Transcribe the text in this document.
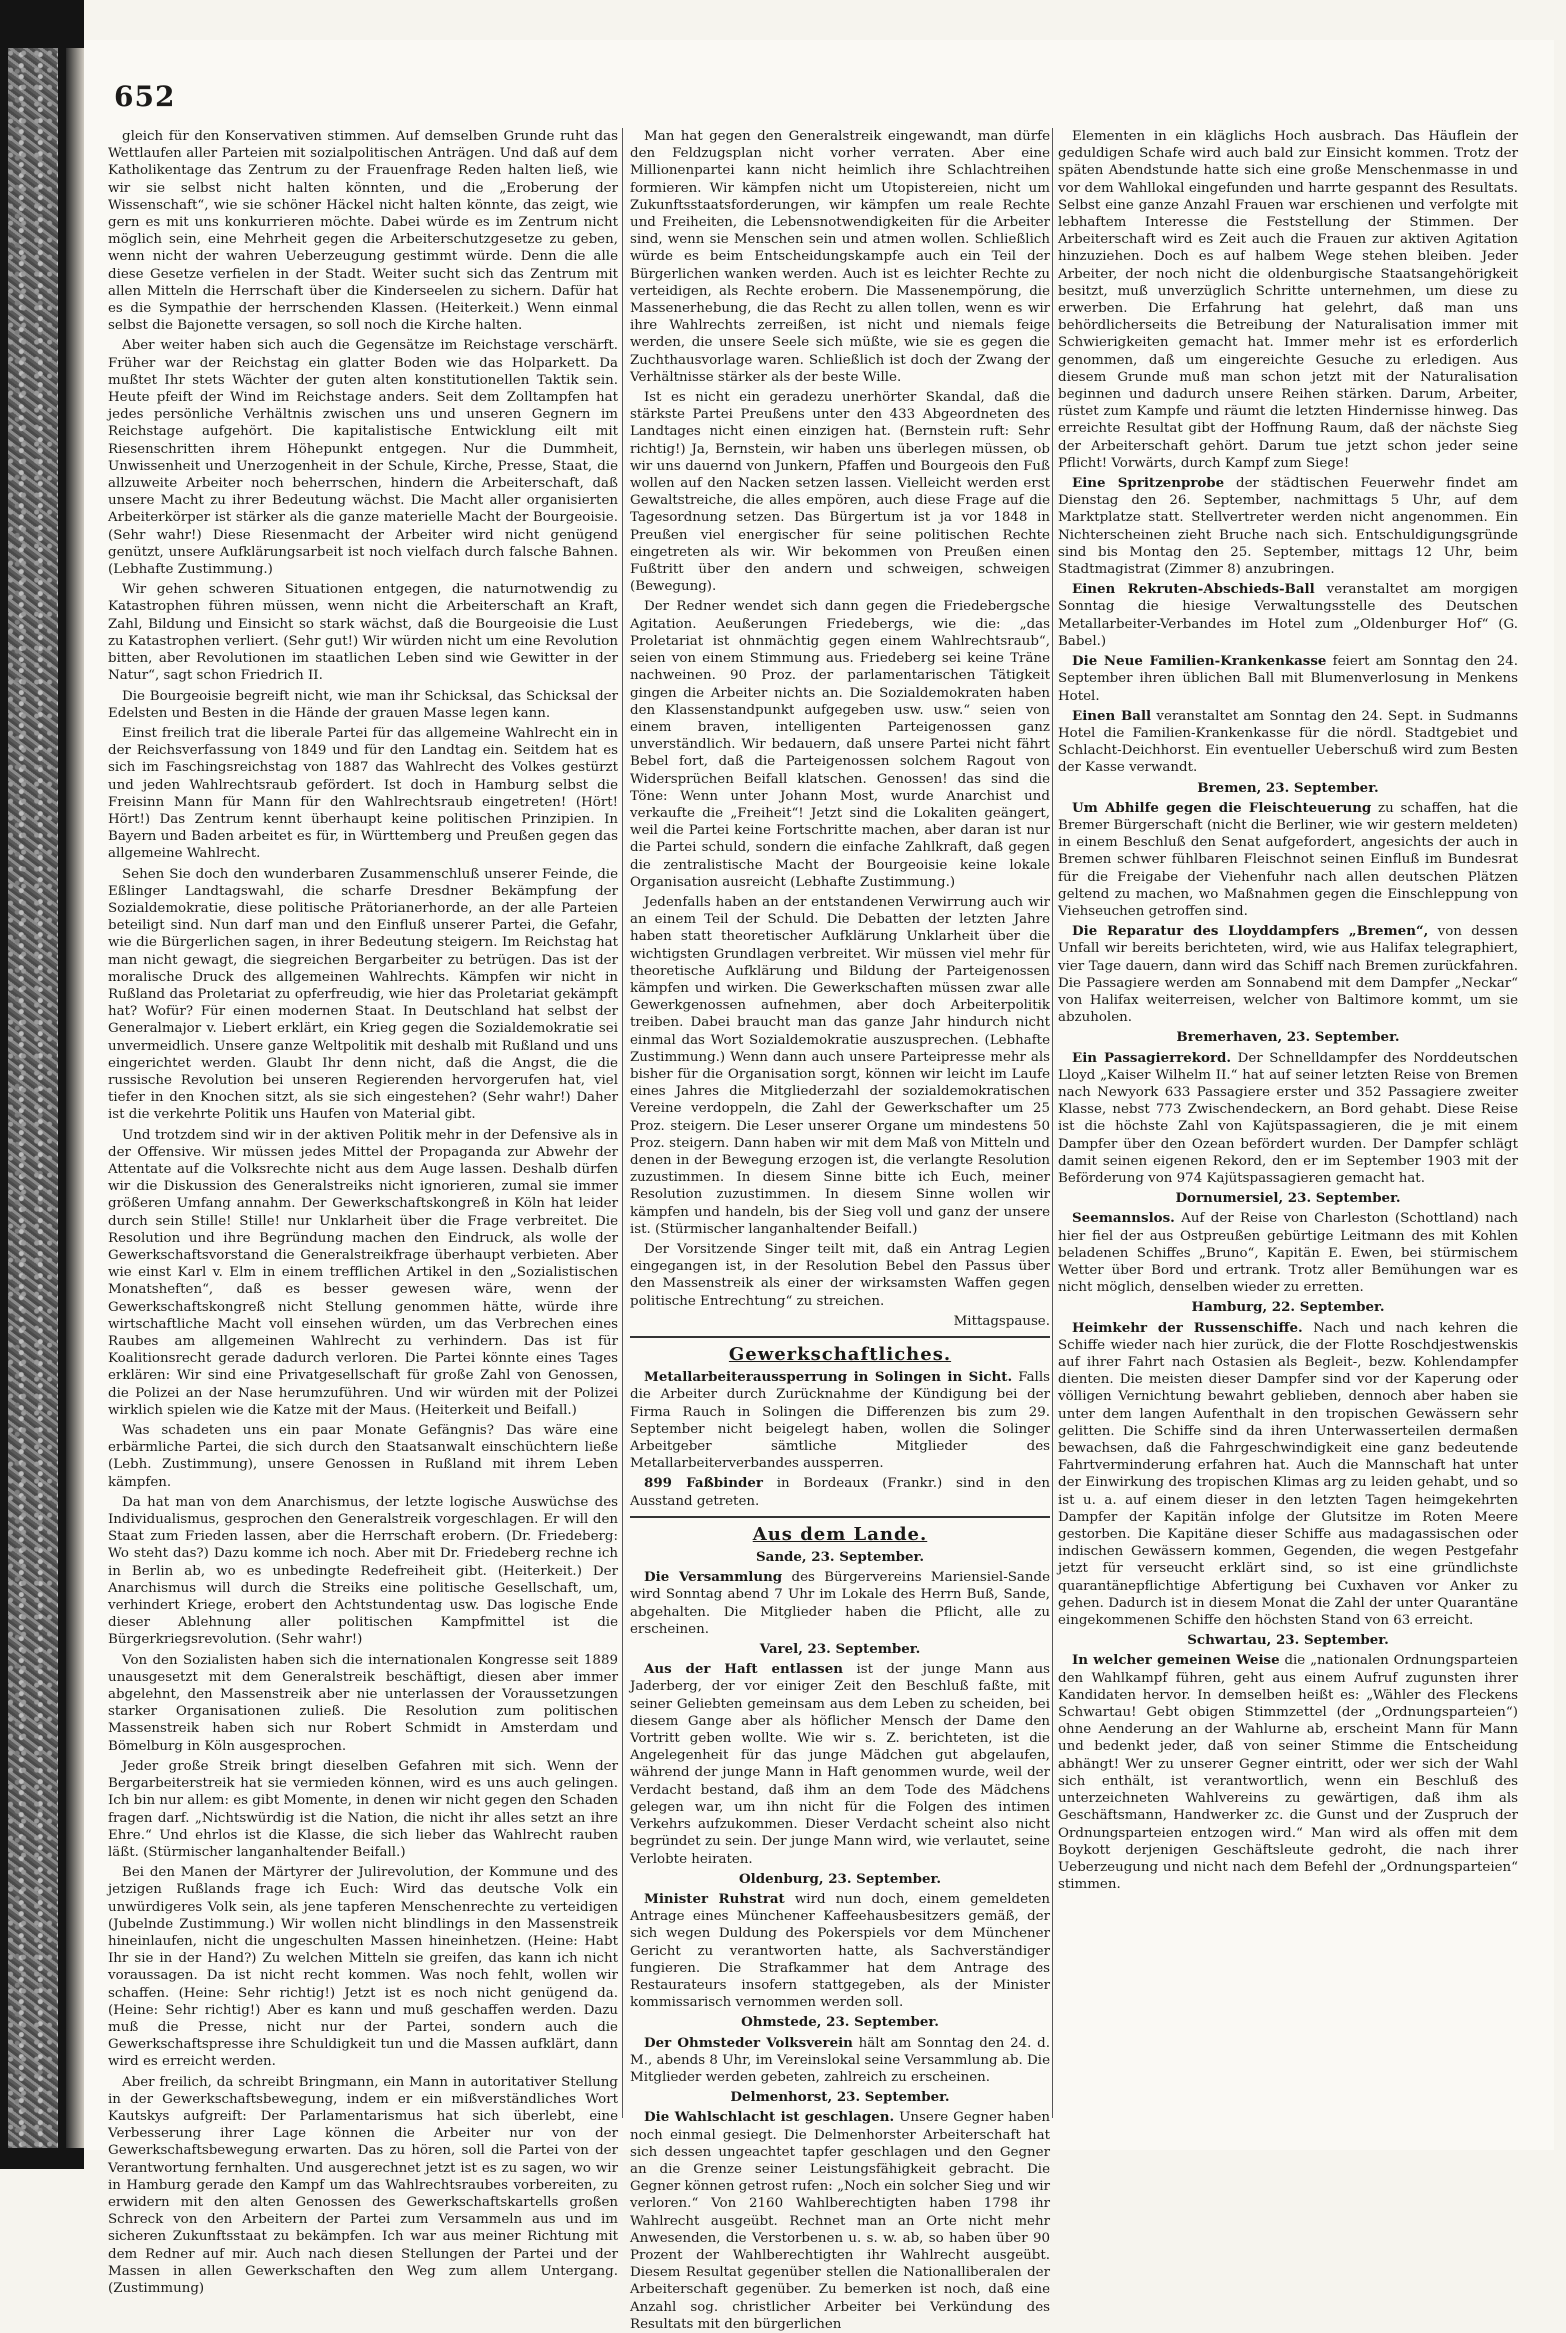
652

gleich für den Konservativen stimmen. Auf demselben Grunde ruht das Wettlaufen aller Parteien mit sozialpolitischen Anträgen. Und daß auf dem Katholikentage das Zentrum zu der Frauenfrage Reden halten ließ, wie wir sie selbst nicht halten könnten, und die „Eroberung der Wissenschaft“, wie sie schöner Häckel nicht halten könnte, das zeigt, wie gern es mit uns konkurrieren möchte. Dabei würde es im Zentrum nicht möglich sein, eine Mehrheit gegen die Arbeiterschutzgesetze zu geben, wenn nicht der wahren Ueberzeugung gestimmt würde. Denn die alle diese Gesetze verfielen in der Stadt. Weiter sucht sich das Zentrum mit allen Mitteln die Herrschaft über die Kinderseelen zu sichern. Dafür hat es die Sympathie der herrschenden Klassen. (Heiterkeit.) Wenn einmal selbst die Bajonette versagen, so soll noch die Kirche halten.

Aber weiter haben sich auch die Gegensätze im Reichstage verschärft. Früher war der Reichstag ein glatter Boden wie das Holparkett. Da mußtet Ihr stets Wächter der guten alten konstitutionellen Taktik sein. Heute pfeift der Wind im Reichstage anders. Seit dem Zolltampfen hat jedes persönliche Verhältnis zwischen uns und unseren Gegnern im Reichstage aufgehört. Die kapitalistische Entwicklung eilt mit Riesenschritten ihrem Höhepunkt entgegen. Nur die Dummheit, Unwissenheit und Unerzogenheit in der Schule, Kirche, Presse, Staat, die allzuweite Arbeiter noch beherrschen, hindern die Arbeiterschaft, daß unsere Macht zu ihrer Bedeutung wächst. Die Macht aller organisierten Arbeiterkörper ist stärker als die ganze materielle Macht der Bourgeoisie. (Sehr wahr!) Diese Riesenmacht der Arbeiter wird nicht genügend genützt, unsere Aufklärungsarbeit ist noch vielfach durch falsche Bahnen. (Lebhafte Zustimmung.)

Wir gehen schweren Situationen entgegen, die naturnotwendig zu Katastrophen führen müssen, wenn nicht die Arbeiterschaft an Kraft, Zahl, Bildung und Einsicht so stark wächst, daß die Bourgeoisie die Lust zu Katastrophen verliert. (Sehr gut!) Wir würden nicht um eine Revolution bitten, aber Revolutionen im staatlichen Leben sind wie Gewitter in der Natur“, sagt schon Friedrich II.

Die Bourgeoisie begreift nicht, wie man ihr Schicksal, das Schicksal der Edelsten und Besten in die Hände der grauen Masse legen kann.

Einst freilich trat die liberale Partei für das allgemeine Wahlrecht ein in der Reichsverfassung von 1849 und für den Landtag ein. Seitdem hat es sich im Faschingsreichstag von 1887 das Wahlrecht des Volkes gestürzt und jeden Wahlrechtsraub gefördert. Ist doch in Hamburg selbst die Freisinn Mann für Mann für den Wahlrechtsraub eingetreten! (Hört! Hört!) Das Zentrum kennt überhaupt keine politischen Prinzipien. In Bayern und Baden arbeitet es für, in Württemberg und Preußen gegen das allgemeine Wahlrecht.

Sehen Sie doch den wunderbaren Zusammenschluß unserer Feinde, die Eßlinger Landtagswahl, die scharfe Dresdner Bekämpfung der Sozialdemokratie, diese politische Prätorianerhorde, an der alle Parteien beteiligt sind. Nun darf man und den Einfluß unserer Partei, die Gefahr, wie die Bürgerlichen sagen, in ihrer Bedeutung steigern. Im Reichstag hat man nicht gewagt, die siegreichen Bergarbeiter zu betrügen. Das ist der moralische Druck des allgemeinen Wahlrechts. Kämpfen wir nicht in Rußland das Proletariat zu opferfreudig, wie hier das Proletariat gekämpft hat? Wofür? Für einen modernen Staat. In Deutschland hat selbst der Generalmajor v. Liebert erklärt, ein Krieg gegen die Sozialdemokratie sei unvermeidlich. Unsere ganze Weltpolitik mit deshalb mit Rußland und uns eingerichtet werden. Glaubt Ihr denn nicht, daß die Angst, die die russische Revolution bei unseren Regierenden hervorgerufen hat, viel tiefer in den Knochen sitzt, als sie sich eingestehen? (Sehr wahr!) Daher ist die verkehrte Politik uns Haufen von Material gibt.

Und trotzdem sind wir in der aktiven Politik mehr in der Defensive als in der Offensive. Wir müssen jedes Mittel der Propaganda zur Abwehr der Attentate auf die Volksrechte nicht aus dem Auge lassen. Deshalb dürfen wir die Diskussion des Generalstreiks nicht ignorieren, zumal sie immer größeren Umfang annahm. Der Gewerkschaftskongreß in Köln hat leider durch sein Stille! Stille! nur Unklarheit über die Frage verbreitet. Die Resolution und ihre Begründung machen den Eindruck, als wolle der Gewerkschaftsvorstand die Generalstreikfrage überhaupt verbieten. Aber wie einst Karl v. Elm in einem trefflichen Artikel in den „Sozialistischen Monatsheften“, daß es besser gewesen wäre, wenn der Gewerkschaftskongreß nicht Stellung genommen hätte, würde ihre wirtschaftliche Macht voll einsehen würden, um das Verbrechen eines Raubes am allgemeinen Wahlrecht zu verhindern. Das ist für Koalitionsrecht gerade dadurch verloren. Die Partei könnte eines Tages erklären: Wir sind eine Privatgesellschaft für große Zahl von Genossen, die Polizei an der Nase herumzuführen. Und wir würden mit der Polizei wirklich spielen wie die Katze mit der Maus. (Heiterkeit und Beifall.)

Was schadeten uns ein paar Monate Gefängnis? Das wäre eine erbärmliche Partei, die sich durch den Staatsanwalt einschüchtern ließe (Lebh. Zustimmung), unsere Genossen in Rußland mit ihrem Leben kämpfen.

Da hat man von dem Anarchismus, der letzte logische Auswüchse des Individualismus, gesprochen den Generalstreik vorgeschlagen. Er will den Staat zum Frieden lassen, aber die Herrschaft erobern. (Dr. Friedeberg: Wo steht das?) Dazu komme ich noch. Aber mit Dr. Friedeberg rechne ich in Berlin ab, wo es unbedingte Redefreiheit gibt. (Heiterkeit.) Der Anarchismus will durch die Streiks eine politische Gesellschaft, um, verhindert Kriege, erobert den Achtstundentag usw. Das logische Ende dieser Ablehnung aller politischen Kampfmittel ist die Bürgerkriegsrevolution. (Sehr wahr!)

Von den Sozialisten haben sich die internationalen Kongresse seit 1889 unausgesetzt mit dem Generalstreik beschäftigt, diesen aber immer abgelehnt, den Massenstreik aber nie unterlassen der Voraussetzungen starker Organisationen zuließ. Die Resolution zum politischen Massenstreik haben sich nur Robert Schmidt in Amsterdam und Bömelburg in Köln ausgesprochen.

Jeder große Streik bringt dieselben Gefahren mit sich. Wenn der Bergarbeiterstreik hat sie vermieden können, wird es uns auch gelingen. Ich bin nur allem: es gibt Momente, in denen wir nicht gegen den Schaden fragen darf. „Nichtswürdig ist die Nation, die nicht ihr alles setzt an ihre Ehre.“ Und ehrlos ist die Klasse, die sich lieber das Wahlrecht rauben läßt. (Stürmischer langanhaltender Beifall.)

Bei den Manen der Märtyrer der Julirevolution, der Kommune und des jetzigen Rußlands frage ich Euch: Wird das deutsche Volk ein unwürdigeres Volk sein, als jene tapferen Menschenrechte zu verteidigen (Jubelnde Zustimmung.) Wir wollen nicht blindlings in den Massenstreik hineinlaufen, nicht die ungeschulten Massen hineinhetzen. (Heine: Habt Ihr sie in der Hand?) Zu welchen Mitteln sie greifen, das kann ich nicht voraussagen. Da ist nicht recht kommen. Was noch fehlt, wollen wir schaffen. (Heine: Sehr richtig!) Jetzt ist es noch nicht genügend da. (Heine: Sehr richtig!) Aber es kann und muß geschaffen werden. Dazu muß die Presse, nicht nur der Partei, sondern auch die Gewerkschaftspresse ihre Schuldigkeit tun und die Massen aufklärt, dann wird es erreicht werden.

Aber freilich, da schreibt Bringmann, ein Mann in autoritativer Stellung in der Gewerkschaftsbewegung, indem er ein mißverständliches Wort Kautskys aufgreift: Der Parlamentarismus hat sich überlebt, eine Verbesserung ihrer Lage können die Arbeiter nur von der Gewerkschaftsbewegung erwarten. Das zu hören, soll die Partei von der Verantwortung fernhalten. Und ausgerechnet jetzt ist es zu sagen, wo wir in Hamburg gerade den Kampf um das Wahlrechtsraubes vorbereiten, zu erwidern mit den alten Genossen des Gewerkschaftskartells großen Schreck von den Arbeitern der Partei zum Versammeln aus und im sicheren Zukunftsstaat zu bekämpfen. Ich war aus meiner Richtung mit dem Redner auf mir. Auch nach diesen Stellungen der Partei und der Massen in allen Gewerkschaften den Weg zum allem Untergang. (Zustimmung)

Man hat gegen den Generalstreik eingewandt, man dürfe den Feldzugsplan nicht vorher verraten. Aber eine Millionenpartei kann nicht heimlich ihre Schlachtreihen formieren. Wir kämpfen nicht um Utopistereien, nicht um Zukunftsstaatsforderungen, wir kämpfen um reale Rechte und Freiheiten, die Lebensnotwendigkeiten für die Arbeiter sind, wenn sie Menschen sein und atmen wollen. Schließlich würde es beim Entscheidungskampfe auch ein Teil der Bürgerlichen wanken werden. Auch ist es leichter Rechte zu verteidigen, als Rechte erobern. Die Massenempörung, die Massenerhebung, die das Recht zu allen tollen, wenn es wir ihre Wahlrechts zerreißen, ist nicht und niemals feige werden, die unsere Seele sich müßte, wie sie es gegen die Zuchthausvorlage waren. Schließlich ist doch der Zwang der Verhältnisse stärker als der beste Wille.

Ist es nicht ein geradezu unerhörter Skandal, daß die stärkste Partei Preußens unter den 433 Abgeordneten des Landtages nicht einen einzigen hat. (Bernstein ruft: Sehr richtig!) Ja, Bernstein, wir haben uns überlegen müssen, ob wir uns dauernd von Junkern, Pfaffen und Bourgeois den Fuß wollen auf den Nacken setzen lassen. Vielleicht werden erst Gewaltstreiche, die alles empören, auch diese Frage auf die Tagesordnung setzen. Das Bürgertum ist ja vor 1848 in Preußen viel energischer für seine politischen Rechte eingetreten als wir. Wir bekommen von Preußen einen Fußtritt über den andern und schweigen, schweigen (Bewegung).

Der Redner wendet sich dann gegen die Friedebergsche Agitation. Aeußerungen Friedebergs, wie die: „das Proletariat ist ohnmächtig gegen einem Wahlrechtsraub“, seien von einem Stimmung aus. Friedeberg sei keine Träne nachweinen. 90 Proz. der parlamentarischen Tätigkeit gingen die Arbeiter nichts an. Die Sozialdemokraten haben den Klassenstandpunkt aufgegeben usw. usw.“ seien von einem braven, intelligenten Parteigenossen ganz unverständlich. Wir bedauern, daß unsere Partei nicht fährt Bebel fort, daß die Parteigenossen solchem Ragout von Widersprüchen Beifall klatschen. Genossen! das sind die Töne: Wenn unter Johann Most, wurde Anarchist und verkaufte die „Freiheit“! Jetzt sind die Lokaliten geängert, weil die Partei keine Fortschritte machen, aber daran ist nur die Partei schuld, sondern die einfache Zahlkraft, daß gegen die zentralistische Macht der Bourgeoisie keine lokale Organisation ausreicht (Lebhafte Zustimmung.)

Jedenfalls haben an der entstandenen Verwirrung auch wir an einem Teil der Schuld. Die Debatten der letzten Jahre haben statt theoretischer Aufklärung Unklarheit über die wichtigsten Grundlagen verbreitet. Wir müssen viel mehr für theoretische Aufklärung und Bildung der Parteigenossen kämpfen und wirken. Die Gewerkschaften müssen zwar alle Gewerkgenossen aufnehmen, aber doch Arbeiterpolitik treiben. Dabei braucht man das ganze Jahr hindurch nicht einmal das Wort Sozialdemokratie auszusprechen. (Lebhafte Zustimmung.) Wenn dann auch unsere Parteipresse mehr als bisher für die Organisation sorgt, können wir leicht im Laufe eines Jahres die Mitgliederzahl der sozialdemokratischen Vereine verdoppeln, die Zahl der Gewerkschafter um 25 Proz. steigern. Die Leser unserer Organe um mindestens 50 Proz. steigern. Dann haben wir mit dem Maß von Mitteln und denen in der Bewegung erzogen ist, die verlangte Resolution zuzustimmen. In diesem Sinne bitte ich Euch, meiner Resolution zuzustimmen. In diesem Sinne wollen wir kämpfen und handeln, bis der Sieg voll und ganz der unsere ist. (Stürmischer langanhaltender Beifall.)

Der Vorsitzende Singer teilt mit, daß ein Antrag Legien eingegangen ist, in der Resolution Bebel den Passus über den Massenstreik als einer der wirksamsten Waffen gegen politische Entrechtung“ zu streichen.

Mittagspause.

Gewerkschaftliches.

Metallarbeiteraussperrung in Solingen in Sicht. Falls die Arbeiter durch Zurücknahme der Kündigung bei der Firma Rauch in Solingen die Differenzen bis zum 29. September nicht beigelegt haben, wollen die Solinger Arbeitgeber sämtliche Mitglieder des Metallarbeiterverbandes aussperren.

899 Faßbinder in Bordeaux (Frankr.) sind in den Ausstand getreten.

Aus dem Lande.

Sande, 23. September.

Die Versammlung des Bürgervereins Mariensiel-Sande wird Sonntag abend 7 Uhr im Lokale des Herrn Buß, Sande, abgehalten. Die Mitglieder haben die Pflicht, alle zu erscheinen.

Varel, 23. September.

Aus der Haft entlassen ist der junge Mann aus Jaderberg, der vor einiger Zeit den Beschluß faßte, mit seiner Geliebten gemeinsam aus dem Leben zu scheiden, bei diesem Gange aber als höflicher Mensch der Dame den Vortritt geben wollte. Wie wir s. Z. berichteten, ist die Angelegenheit für das junge Mädchen gut abgelaufen, während der junge Mann in Haft genommen wurde, weil der Verdacht bestand, daß ihm an dem Tode des Mädchens gelegen war, um ihn nicht für die Folgen des intimen Verkehrs aufzukommen. Dieser Verdacht scheint also nicht begründet zu sein. Der junge Mann wird, wie verlautet, seine Verlobte heiraten.

Oldenburg, 23. September.

Minister Ruhstrat wird nun doch, einem gemeldeten Antrage eines Münchener Kaffeehausbesitzers gemäß, der sich wegen Duldung des Pokerspiels vor dem Münchener Gericht zu verantworten hatte, als Sachverständiger fungieren. Die Strafkammer hat dem Antrage des Restaurateurs insofern stattgegeben, als der Minister kommissarisch vernommen werden soll.

Ohmstede, 23. September.

Der Ohmsteder Volksverein hält am Sonntag den 24. d. M., abends 8 Uhr, im Vereinslokal seine Versammlung ab. Die Mitglieder werden gebeten, zahlreich zu erscheinen.

Delmenhorst, 23. September.

Die Wahlschlacht ist geschlagen. Unsere Gegner haben noch einmal gesiegt. Die Delmenhorster Arbeiterschaft hat sich dessen ungeachtet tapfer geschlagen und den Gegner an die Grenze seiner Leistungsfähigkeit gebracht. Die Gegner können getrost rufen: „Noch ein solcher Sieg und wir verloren.“ Von 2160 Wahlberechtigten haben 1798 ihr Wahlrecht ausgeübt. Rechnet man an Orte nicht mehr Anwesenden, die Verstorbenen u. s. w. ab, so haben über 90 Prozent der Wahlberechtigten ihr Wahlrecht ausgeübt. Diesem Resultat gegenüber stellen die Nationalliberalen der Arbeiterschaft gegenüber. Zu bemerken ist noch, daß eine Anzahl sog. christlicher Arbeiter bei Verkündung des Resultats mit den bürgerlichen

Elementen in ein kläglichs Hoch ausbrach. Das Häuflein der geduldigen Schafe wird auch bald zur Einsicht kommen. Trotz der späten Abendstunde hatte sich eine große Menschenmasse in und vor dem Wahllokal eingefunden und harrte gespannt des Resultats. Selbst eine ganze Anzahl Frauen war erschienen und verfolgte mit lebhaftem Interesse die Feststellung der Stimmen. Der Arbeiterschaft wird es Zeit auch die Frauen zur aktiven Agitation hinzuziehen. Doch es auf halbem Wege stehen bleiben. Jeder Arbeiter, der noch nicht die oldenburgische Staatsangehörigkeit besitzt, muß unverzüglich Schritte unternehmen, um diese zu erwerben. Die Erfahrung hat gelehrt, daß man uns behördlicherseits die Betreibung der Naturalisation immer mit Schwierigkeiten gemacht hat. Immer mehr ist es erforderlich genommen, daß um eingereichte Gesuche zu erledigen. Aus diesem Grunde muß man schon jetzt mit der Naturalisation beginnen und dadurch unsere Reihen stärken. Darum, Arbeiter, rüstet zum Kampfe und räumt die letzten Hindernisse hinweg. Das erreichte Resultat gibt der Hoffnung Raum, daß der nächste Sieg der Arbeiterschaft gehört. Darum tue jetzt schon jeder seine Pflicht! Vorwärts, durch Kampf zum Siege!

Eine Spritzenprobe der städtischen Feuerwehr findet am Dienstag den 26. September, nachmittags 5 Uhr, auf dem Marktplatze statt. Stellvertreter werden nicht angenommen. Ein Nichterscheinen zieht Bruche nach sich. Entschuldigungsgründe sind bis Montag den 25. September, mittags 12 Uhr, beim Stadtmagistrat (Zimmer 8) anzubringen.

Einen Rekruten-Abschieds-Ball veranstaltet am morgigen Sonntag die hiesige Verwaltungsstelle des Deutschen Metallarbeiter-Verbandes im Hotel zum „Oldenburger Hof“ (G. Babel.)

Die Neue Familien-Krankenkasse feiert am Sonntag den 24. September ihren üblichen Ball mit Blumenverlosung in Menkens Hotel.

Einen Ball veranstaltet am Sonntag den 24. Sept. in Sudmanns Hotel die Familien-Krankenkasse für die nördl. Stadtgebiet und Schlacht-Deichhorst. Ein eventueller Ueberschuß wird zum Besten der Kasse verwandt.

Bremen, 23. September.

Um Abhilfe gegen die Fleischteuerung zu schaffen, hat die Bremer Bürgerschaft (nicht die Berliner, wie wir gestern meldeten) in einem Beschluß den Senat aufgefordert, angesichts der auch in Bremen schwer fühlbaren Fleischnot seinen Einfluß im Bundesrat für die Freigabe der Viehenfuhr nach allen deutschen Plätzen geltend zu machen, wo Maßnahmen gegen die Einschleppung von Viehseuchen getroffen sind.

Die Reparatur des Lloyddampfers „Bremen“, von dessen Unfall wir bereits berichteten, wird, wie aus Halifax telegraphiert, vier Tage dauern, dann wird das Schiff nach Bremen zurückfahren. Die Passagiere werden am Sonnabend mit dem Dampfer „Neckar“ von Halifax weiterreisen, welcher von Baltimore kommt, um sie abzuholen.

Bremerhaven, 23. September.

Ein Passagierrekord. Der Schnelldampfer des Norddeutschen Lloyd „Kaiser Wilhelm II.“ hat auf seiner letzten Reise von Bremen nach Newyork 633 Passagiere erster und 352 Passagiere zweiter Klasse, nebst 773 Zwischendeckern, an Bord gehabt. Diese Reise ist die höchste Zahl von Kajütspassagieren, die je mit einem Dampfer über den Ozean befördert wurden. Der Dampfer schlägt damit seinen eigenen Rekord, den er im September 1903 mit der Beförderung von 974 Kajütspassagieren gemacht hat.

Dornumersiel, 23. September.

Seemannslos. Auf der Reise von Charleston (Schottland) nach hier fiel der aus Ostpreußen gebürtige Leitmann des mit Kohlen beladenen Schiffes „Bruno“, Kapitän E. Ewen, bei stürmischem Wetter über Bord und ertrank. Trotz aller Bemühungen war es nicht möglich, denselben wieder zu erretten.

Hamburg, 22. September.

Heimkehr der Russenschiffe. Nach und nach kehren die Schiffe wieder nach hier zurück, die der Flotte Roschdjestwenskis auf ihrer Fahrt nach Ostasien als Begleit-, bezw. Kohlendampfer dienten. Die meisten dieser Dampfer sind vor der Kaperung oder völligen Vernichtung bewahrt geblieben, dennoch aber haben sie unter dem langen Aufenthalt in den tropischen Gewässern sehr gelitten. Die Schiffe sind da ihren Unterwasserteilen dermaßen bewachsen, daß die Fahrgeschwindigkeit eine ganz bedeutende Fahrtverminderung erfahren hat. Auch die Mannschaft hat unter der Einwirkung des tropischen Klimas arg zu leiden gehabt, und so ist u. a. auf einem dieser in den letzten Tagen heimgekehrten Dampfer der Kapitän infolge der Glutsitze im Roten Meere gestorben. Die Kapitäne dieser Schiffe aus madagassischen oder indischen Gewässern kommen, Gegenden, die wegen Pestgefahr jetzt für verseucht erklärt sind, so ist eine gründlichste quarantänepflichtige Abfertigung bei Cuxhaven vor Anker zu gehen. Dadurch ist in diesem Monat die Zahl der unter Quarantäne eingekommenen Schiffe den höchsten Stand von 63 erreicht.

Schwartau, 23. September.

In welcher gemeinen Weise die „nationalen Ordnungsparteien den Wahlkampf führen, geht aus einem Aufruf zugunsten ihrer Kandidaten hervor. In demselben heißt es: „Wähler des Fleckens Schwartau! Gebt obigen Stimmzettel (der „Ordnungsparteien“) ohne Aenderung an der Wahlurne ab, erscheint Mann für Mann und bedenkt jeder, daß von seiner Stimme die Entscheidung abhängt! Wer zu unserer Gegner eintritt, oder wer sich der Wahl sich enthält, ist verantwortlich, wenn ein Beschluß des unterzeichneten Wahlvereins zu gewärtigen, daß ihm als Geschäftsmann, Handwerker zc. die Gunst und der Zuspruch der Ordnungsparteien entzogen wird.“ Man wird als offen mit dem Boykott derjenigen Geschäftsleute gedroht, die nach ihrer Ueberzeugung und nicht nach dem Befehl der „Ordnungsparteien“ stimmen.
